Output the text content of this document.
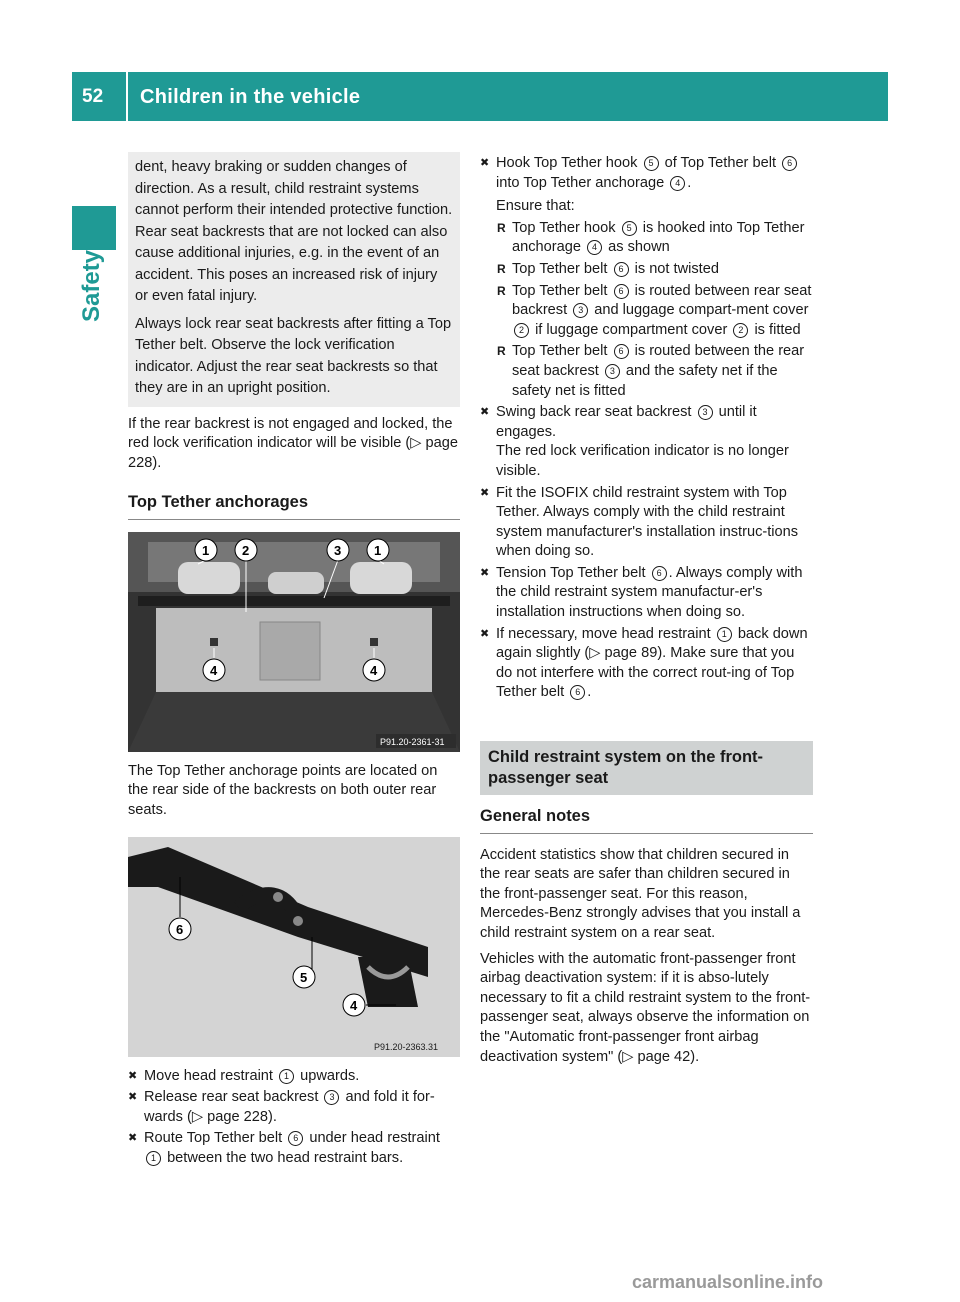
52 Children in the vehicle
Safety

dent, heavy braking or sudden changes of direction. As a result, child restraint systems cannot perform their intended protective function. Rear seat backrests that are not locked can also cause additional injuries, e.g. in the event of an accident. This poses an increased risk of injury or even fatal injury.

Always lock rear seat backrests after fitting a Top Tether belt. Observe the lock verification indicator. Adjust the rear seat backrests so that they are in an upright position.

If the rear backrest is not engaged and locked, the red lock verification indicator will be visible (▷ page 228).

Top Tether anchorages
P91.20-2361-31
1	2	3	1
4	4

The Top Tether anchorage points are located on the rear side of the backrests on both outer rear seats.

P91.20-2363.31
6
5
4
✖ Move head restraint 1 upwards.
✖ Release rear seat backrest 3 and fold it for-wards (▷ page 228).
✖ Route Top Tether belt 6 under head restraint 1 between the two head restraint bars.
✖ Hook Top Tether hook 5 of Top Tether belt 6 into Top Tether anchorage 4 .

Ensure that:

R Top Tether hook 5 is hooked into Top Tether anchorage 4 as shown
R Top Tether belt 6 is not twisted
R Top Tether belt 6 is routed between rear seat backrest 3 and luggage compart-ment cover 2 if luggage compartment cover 2 is fitted
R Top Tether belt 6 is routed between the rear seat backrest 3 and the safety net if the safety net is fitted
✖ Swing back rear seat backrest 3 until it engages.
The red lock verification indicator is no longer visible.
✖ Fit the ISOFIX child restraint system with Top Tether. Always comply with the child restraint system manufacturer's installation instruc-tions when doing so.
✖ Tension Top Tether belt 6 . Always comply with the child restraint system manufactur-er's installation instructions when doing so.
✖ If necessary, move head restraint 1 back down again slightly (▷ page 89). Make sure that you do not interfere with the correct rout-ing of Top Tether belt 6 .
Child restraint system on the front-passenger seat
General notes

Accident statistics show that children secured in the rear seats are safer than children secured in the front-passenger seat. For this reason, Mercedes-Benz strongly advises that you install a child restraint system on a rear seat.

Vehicles with the automatic front-passenger front airbag deactivation system: if it is abso-lutely necessary to fit a child restraint system to the front-passenger seat, always observe the information on the "Automatic front-passenger front airbag deactivation system" (▷ page 42).

carmanualsonline.info
